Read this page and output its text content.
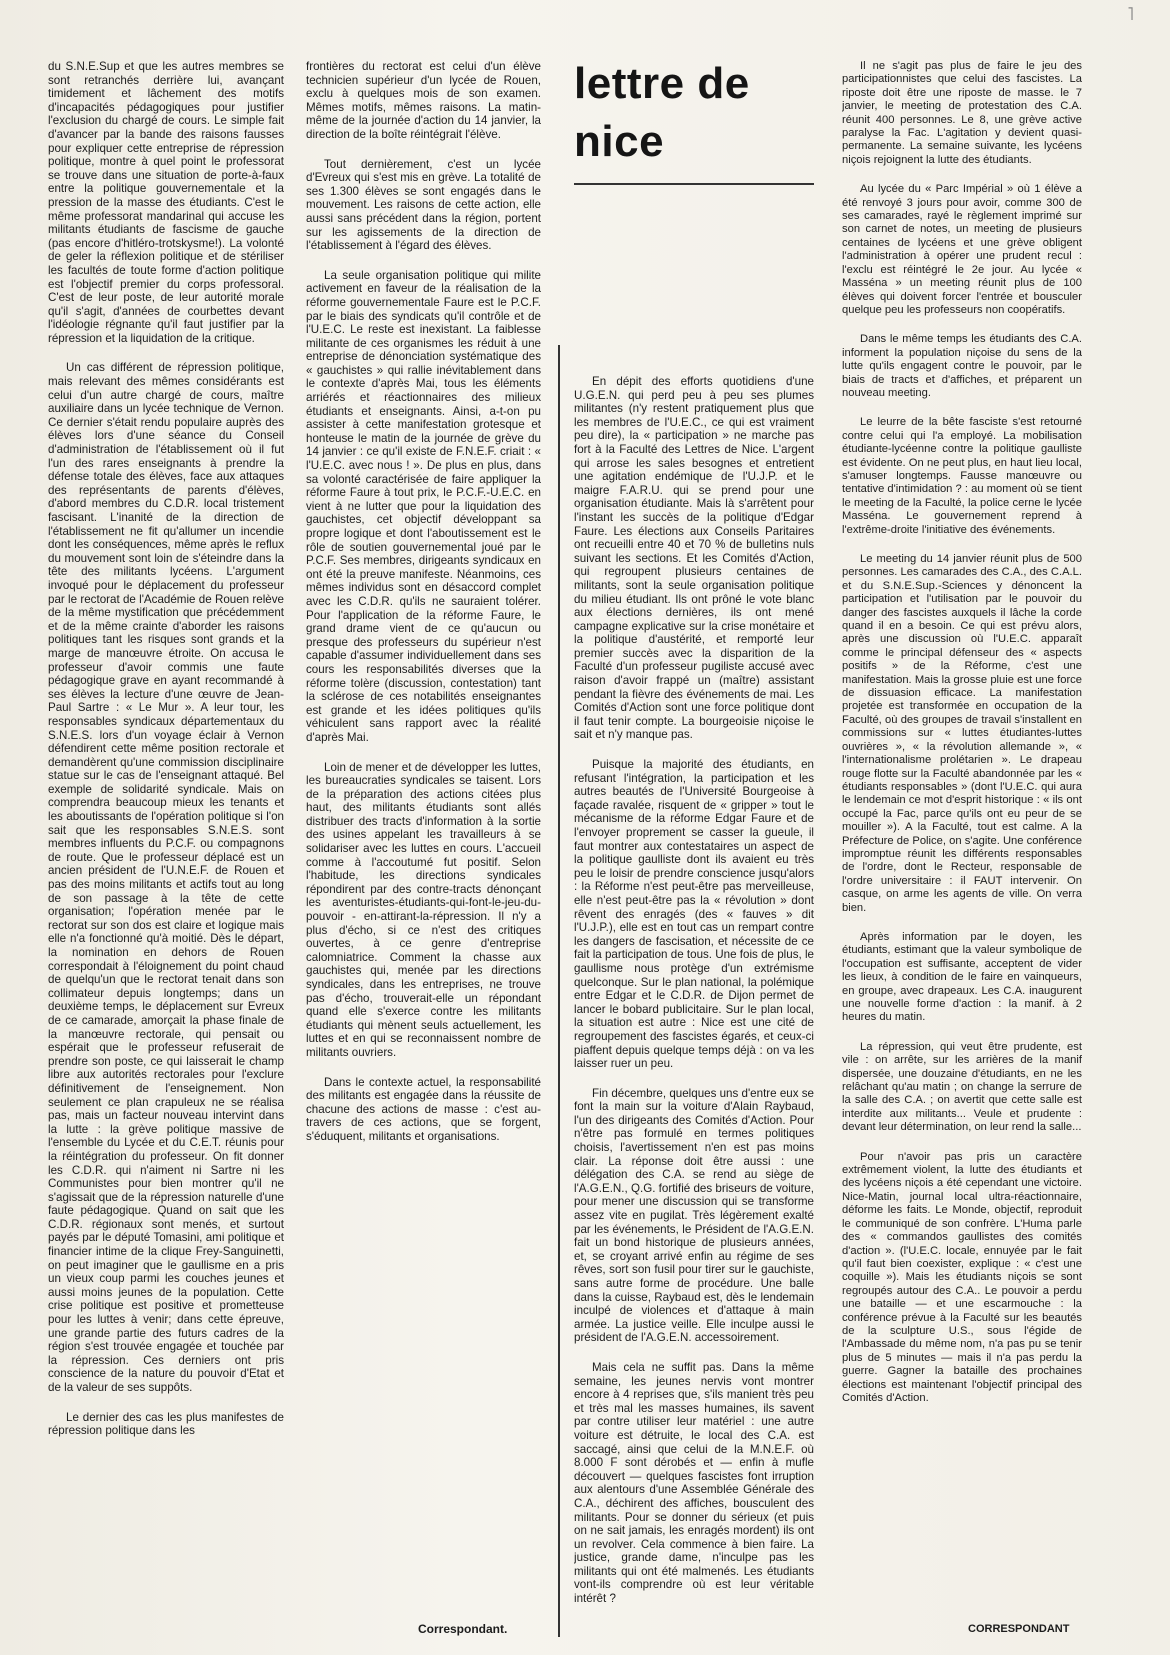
˥

du S.N.E.Sup et que les autres membres se sont retranchés derrière lui, avançant timidement et lâchement des motifs d'incapacités pédagogiques pour justifier l'exclusion du chargé de cours. Le simple fait d'avancer par la bande des raisons fausses pour expliquer cette entreprise de répression politique, montre à quel point le professorat se trouve dans une situation de porte-à-faux entre la politique gouvernementale et la pression de la masse des étudiants. C'est le même professorat mandarinal qui accuse les militants étudiants de fascisme de gauche (pas encore d'hitléro-trotskysme!). La volonté de geler la réflexion politique et de stériliser les facultés de toute forme d'action politique est l'objectif premier du corps professoral. C'est de leur poste, de leur autorité morale qu'il s'agit, d'années de courbettes devant l'idéologie régnante qu'il faut justifier par la répression et la liquidation de la critique.

Un cas différent de répression politique, mais relevant des mêmes considérants est celui d'un autre chargé de cours, maître auxiliaire dans un lycée technique de Vernon. Ce dernier s'était rendu populaire auprès des élèves lors d'une séance du Conseil d'administration de l'établissement où il fut l'un des rares enseignants à prendre la défense totale des élèves, face aux attaques des représentants de parents d'élèves, d'abord membres du C.D.R. local tristement fascisant. L'inanité de la direction de l'établissement ne fit qu'allumer un incendie dont les conséquences, même après le reflux du mouvement sont loin de s'éteindre dans la tête des militants lycéens. L'argument invoqué pour le déplacement du professeur par le rectorat de l'Académie de Rouen relève de la même mystification que précédemment et de la même crainte d'aborder les raisons politiques tant les risques sont grands et la marge de manœuvre étroite. On accusa le professeur d'avoir commis une faute pédagogique grave en ayant recommandé à ses élèves la lecture d'une œuvre de Jean-Paul Sartre : « Le Mur ». A leur tour, les responsables syndicaux départementaux du S.N.E.S. lors d'un voyage éclair à Vernon défendirent cette même position rectorale et demandèrent qu'une commission disciplinaire statue sur le cas de l'enseignant attaqué. Bel exemple de solidarité syndicale. Mais on comprendra beaucoup mieux les tenants et les aboutissants de l'opération politique si l'on sait que les responsables S.N.E.S. sont membres influents du P.C.F. ou compagnons de route. Que le professeur déplacé est un ancien président de l'U.N.E.F. de Rouen et pas des moins militants et actifs tout au long de son passage à la tête de cette organisation; l'opération menée par le rectorat sur son dos est claire et logique mais elle n'a fonctionné qu'à moitié. Dès le départ, la nomination en dehors de Rouen correspondait à l'éloignement du point chaud de quelqu'un que le rectorat tenait dans son collimateur depuis longtemps; dans un deuxième temps, le déplacement sur Evreux de ce camarade, amorçait la phase finale de la manœuvre rectorale, qui pensait ou espérait que le professeur refuserait de prendre son poste, ce qui laisserait le champ libre aux autorités rectorales pour l'exclure définitivement de l'enseignement. Non seulement ce plan crapuleux ne se réalisa pas, mais un facteur nouveau intervint dans la lutte : la grève politique massive de l'ensemble du Lycée et du C.E.T. réunis pour la réintégration du professeur. On fit donner les C.D.R. qui n'aiment ni Sartre ni les Communistes pour bien montrer qu'il ne s'agissait que de la répression naturelle d'une faute pédagogique. Quand on sait que les C.D.R. régionaux sont menés, et surtout payés par le député Tomasini, ami politique et financier intime de la clique Frey-Sanguinetti, on peut imaginer que le gaullisme en a pris un vieux coup parmi les couches jeunes et aussi moins jeunes de la population. Cette crise politique est positive et prometteuse pour les luttes à venir; dans cette épreuve, une grande partie des futurs cadres de la région s'est trouvée engagée et touchée par la répression. Ces derniers ont pris conscience de la nature du pouvoir d'Etat et de la valeur de ses suppôts.

Le dernier des cas les plus manifestes de répression politique dans les

frontières du rectorat est celui d'un élève technicien supérieur d'un lycée de Rouen, exclu à quelques mois de son examen. Mêmes motifs, mêmes raisons. La matin-même de la journée d'action du 14 janvier, la direction de la boîte réintégrait l'élève.

Tout dernièrement, c'est un lycée d'Evreux qui s'est mis en grève. La totalité de ses 1.300 élèves se sont engagés dans le mouvement. Les raisons de cette action, elle aussi sans précédent dans la région, portent sur les agissements de la direction de l'établissement à l'égard des élèves.

La seule organisation politique qui milite activement en faveur de la réalisation de la réforme gouvernementale Faure est le P.C.F. par le biais des syndicats qu'il contrôle et de l'U.E.C. Le reste est inexistant. La faiblesse militante de ces organismes les réduit à une entreprise de dénonciation systématique des « gauchistes » qui rallie inévitablement dans le contexte d'après Mai, tous les éléments arriérés et réactionnaires des milieux étudiants et enseignants. Ainsi, a-t-on pu assister à cette manifestation grotesque et honteuse le matin de la journée de grève du 14 janvier : ce qu'il existe de F.N.E.F. criait : « l'U.E.C. avec nous ! ». De plus en plus, dans sa volonté caractérisée de faire appliquer la réforme Faure à tout prix, le P.C.F.-U.E.C. en vient à ne lutter que pour la liquidation des gauchistes, cet objectif développant sa propre logique et dont l'aboutissement est le rôle de soutien gouvernemental joué par le P.C.F. Ses membres, dirigeants syndicaux en ont été la preuve manifeste. Néanmoins, ces mêmes individus sont en désaccord complet avec les C.D.R. qu'ils ne sauraient tolérer. Pour l'application de la réforme Faure, le grand drame vient de ce qu'aucun ou presque des professeurs du supérieur n'est capable d'assumer individuellement dans ses cours les responsabilités diverses que la réforme tolère (discussion, contestation) tant la sclérose de ces notabilités enseignantes est grande et les idées politiques qu'ils véhiculent sans rapport avec la réalité d'après Mai.

Loin de mener et de développer les luttes, les bureaucraties syndicales se taisent. Lors de la préparation des actions citées plus haut, des militants étudiants sont allés distribuer des tracts d'information à la sortie des usines appelant les travailleurs à se solidariser avec les luttes en cours. L'accueil comme à l'accoutumé fut positif. Selon l'habitude, les directions syndicales répondirent par des contre-tracts dénonçant les aventuristes-étudiants-qui-font-le-jeu-du-pouvoir - en-attirant-la-répression. Il n'y a plus d'écho, si ce n'est des critiques ouvertes, à ce genre d'entreprise calomniatrice. Comment la chasse aux gauchistes qui, menée par les directions syndicales, dans les entreprises, ne trouve pas d'écho, trouverait-elle un répondant quand elle s'exerce contre les militants étudiants qui mènent seuls actuellement, les luttes et en qui se reconnaissent nombre de militants ouvriers.

Dans le contexte actuel, la responsabilité des militants est engagée dans la réussite de chacune des actions de masse : c'est au-travers de ces actions, que se forgent, s'éduquent, militants et organisations.

Correspondant.
lettre de
nice

En dépit des efforts quotidiens d'une U.G.E.N. qui perd peu à peu ses plumes militantes (n'y restent pratiquement plus que les membres de l'U.E.C., ce qui est vraiment peu dire), la « participation » ne marche pas fort à la Faculté des Lettres de Nice. L'argent qui arrose les sales besognes et entretient une agitation endémique de l'U.J.P. et le maigre F.A.R.U. qui se prend pour une organisation étudiante. Mais là s'arrêtent pour l'instant les succès de la politique d'Edgar Faure. Les élections aux Conseils Paritaires ont recueilli entre 40 et 70 % de bulletins nuls suivant les sections. Et les Comités d'Action, qui regroupent plusieurs centaines de militants, sont la seule organisation politique du milieu étudiant. Ils ont prôné le vote blanc aux élections dernières, ils ont mené campagne explicative sur la crise monétaire et la politique d'austérité, et remporté leur premier succès avec la disparition de la Faculté d'un professeur pugiliste accusé avec raison d'avoir frappé un (maître) assistant pendant la fièvre des événements de mai. Les Comités d'Action sont une force politique dont il faut tenir compte. La bourgeoisie niçoise le sait et n'y manque pas.

Puisque la majorité des étudiants, en refusant l'intégration, la participation et les autres beautés de l'Université Bourgeoise à façade ravalée, risquent de « gripper » tout le mécanisme de la réforme Edgar Faure et de l'envoyer proprement se casser la gueule, il faut montrer aux contestataires un aspect de la politique gaulliste dont ils avaient eu très peu le loisir de prendre conscience jusqu'alors : la Réforme n'est peut-être pas merveilleuse, elle n'est peut-être pas la « révolution » dont rêvent des enragés (des « fauves » dit l'U.J.P.), elle est en tout cas un rempart contre les dangers de fascisation, et nécessite de ce fait la participation de tous. Une fois de plus, le gaullisme nous protège d'un extrémisme quelconque. Sur le plan national, la polémique entre Edgar et le C.D.R. de Dijon permet de lancer le bobard publicitaire. Sur le plan local, la situation est autre : Nice est une cité de regroupement des fascistes égarés, et ceux-ci piaffent depuis quelque temps déjà : on va les laisser ruer un peu.

Fin décembre, quelques uns d'entre eux se font la main sur la voiture d'Alain Raybaud, l'un des dirigeants des Comités d'Action. Pour n'être pas formulé en termes politiques choisis, l'avertissement n'en est pas moins clair. La réponse doit être aussi : une délégation des C.A. se rend au siège de l'A.G.E.N., Q.G. fortifié des briseurs de voiture, pour mener une discussion qui se transforme assez vite en pugilat. Très légèrement exalté par les événements, le Président de l'A.G.E.N. fait un bond historique de plusieurs années, et, se croyant arrivé enfin au régime de ses rêves, sort son fusil pour tirer sur le gauchiste, sans autre forme de procédure. Une balle dans la cuisse, Raybaud est, dès le lendemain inculpé de violences et d'attaque à main armée. La justice veille. Elle inculpe aussi le président de l'A.G.E.N. accessoirement.

Mais cela ne suffit pas. Dans la même semaine, les jeunes nervis vont montrer encore à 4 reprises que, s'ils manient très peu et très mal les masses humaines, ils savent par contre utiliser leur matériel : une autre voiture est détruite, le local des C.A. est saccagé, ainsi que celui de la M.N.E.F. où 8.000 F sont dérobés et — enfin à mufle découvert — quelques fascistes font irruption aux alentours d'une Assemblée Générale des C.A., déchirent des affiches, bousculent des militants. Pour se donner du sérieux (et puis on ne sait jamais, les enragés mordent) ils ont un revolver. Cela commence à bien faire. La justice, grande dame, n'inculpe pas les militants qui ont été malmenés. Les étudiants vont-ils comprendre où est leur véritable intérêt ?

Il ne s'agit pas plus de faire le jeu des participationnistes que celui des fascistes. La riposte doit être une riposte de masse. le 7 janvier, le meeting de protestation des C.A. réunit 400 personnes. Le 8, une grève active paralyse la Fac. L'agitation y devient quasi-permanente. La semaine suivante, les lycéens niçois rejoignent la lutte des étudiants.

Au lycée du « Parc Impérial » où 1 élève a été renvoyé 3 jours pour avoir, comme 300 de ses camarades, rayé le règlement imprimé sur son carnet de notes, un meeting de plusieurs centaines de lycéens et une grève obligent l'administration à opérer une prudent recul : l'exclu est réintégré le 2e jour. Au lycée « Masséna » un meeting réunit plus de 100 élèves qui doivent forcer l'entrée et bousculer quelque peu les professeurs non coopératifs.

Dans le même temps les étudiants des C.A. informent la population niçoise du sens de la lutte qu'ils engagent contre le pouvoir, par le biais de tracts et d'affiches, et préparent un nouveau meeting.

Le leurre de la bête fasciste s'est retourné contre celui qui l'a employé. La mobilisation étudiante-lycéenne contre la politique gaulliste est évidente. On ne peut plus, en haut lieu local, s'amuser longtemps. Fausse manœuvre ou tentative d'intimidation ? : au moment où se tient le meeting de la Faculté, la police cerne le lycée Masséna. Le gouvernement reprend à l'extrême-droite l'initiative des événements.

Le meeting du 14 janvier réunit plus de 500 personnes. Les camarades des C.A., des C.A.L. et du S.N.E.Sup.-Sciences y dénoncent la participation et l'utilisation par le pouvoir du danger des fascistes auxquels il lâche la corde quand il en a besoin. Ce qui est prévu alors, après une discussion où l'U.E.C. apparaît comme le principal défenseur des « aspects positifs » de la Réforme, c'est une manifestation. Mais la grosse pluie est une force de dissuasion efficace. La manifestation projetée est transformée en occupation de la Faculté, où des groupes de travail s'installent en commissions sur « luttes étudiantes-luttes ouvrières », « la révolution allemande », « l'internationalisme prolétarien ». Le drapeau rouge flotte sur la Faculté abandonnée par les « étudiants responsables » (dont l'U.E.C. qui aura le lendemain ce mot d'esprit historique : « ils ont occupé la Fac, parce qu'ils ont eu peur de se mouiller »). A la Faculté, tout est calme. A la Préfecture de Police, on s'agite. Une conférence impromptue réunit les différents responsables de l'ordre, dont le Recteur, responsable de l'ordre universitaire : il FAUT intervenir. On casque, on arme les agents de ville. On verra bien.

Après information par le doyen, les étudiants, estimant que la valeur symbolique de l'occupation est suffisante, acceptent de vider les lieux, à condition de le faire en vainqueurs, en groupe, avec drapeaux. Les C.A. inaugurent une nouvelle forme d'action : la manif. à 2 heures du matin.

La répression, qui veut être prudente, est vile : on arrête, sur les arrières de la manif dispersée, une douzaine d'étudiants, en ne les relâchant qu'au matin ; on change la serrure de la salle des C.A. ; on avertit que cette salle est interdite aux militants... Veule et prudente : devant leur détermination, on leur rend la salle...

Pour n'avoir pas pris un caractère extrêmement violent, la lutte des étudiants et des lycéens niçois a été cependant une victoire. Nice-Matin, journal local ultra-réactionnaire, déforme les faits. Le Monde, objectif, reproduit le communiqué de son confrère. L'Huma parle des « commandos gaullistes des comités d'action ». (l'U.E.C. locale, ennuyée par le fait qu'il faut bien coexister, explique : « c'est une coquille »). Mais les étudiants niçois se sont regroupés autour des C.A.. Le pouvoir a perdu une bataille — et une escarmouche : la conférence prévue à la Faculté sur les beautés de la sculpture U.S., sous l'égide de l'Ambassade du même nom, n'a pas pu se tenir plus de 5 minutes — mais il n'a pas perdu la guerre. Gagner la bataille des prochaines élections est maintenant l'objectif principal des Comités d'Action.

CORRESPONDANT
